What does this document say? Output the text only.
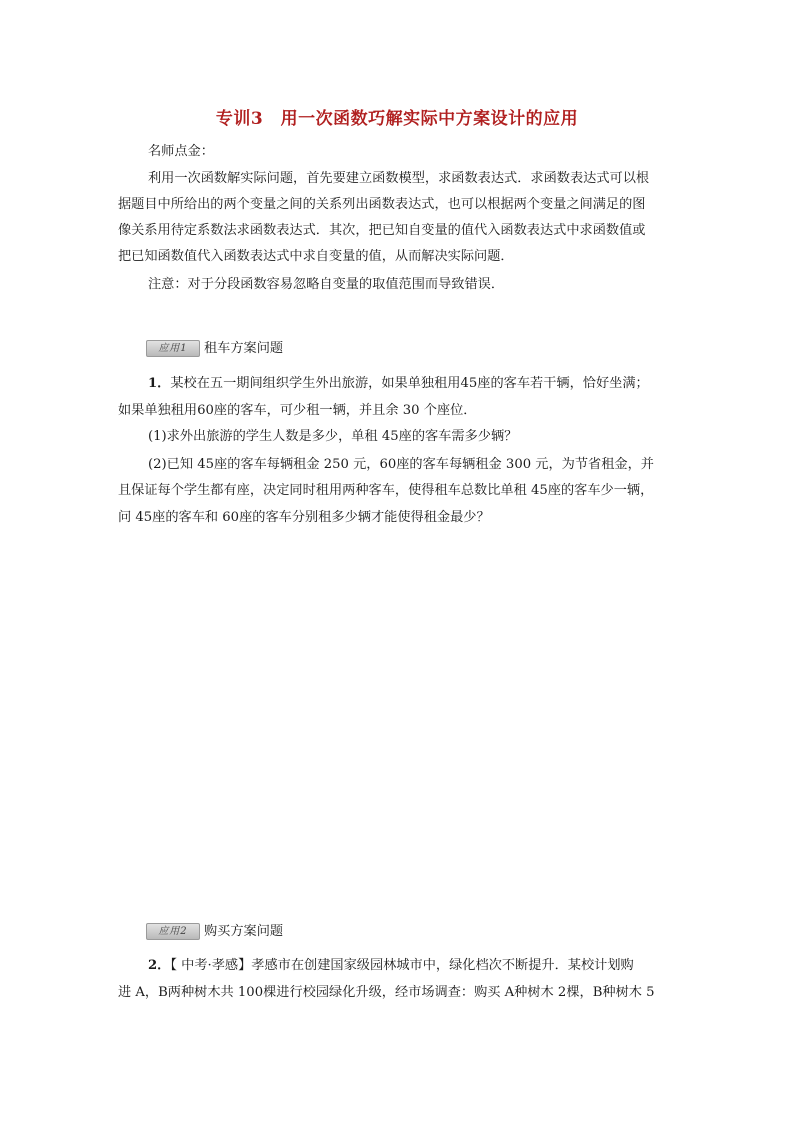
专训3　用一次函数巧解实际中方案设计的应用
名师点金：
利用一次函数解实际问题，首先要建立函数模型，求函数表达式．求函数表达式可以根
据题目中所给出的两个变量之间的关系列出函数表达式，也可以根据两个变量之间满足的图
像关系用待定系数法求函数表达式．其次，把已知自变量的值代入函数表达式中求函数值或
把已知函数值代入函数表达式中求自变量的值，从而解决实际问题．
注意：对于分段函数容易忽略自变量的取值范围而导致错误．
应用1	租车方案问题
1．某校在五一期间组织学生外出旅游，如果单独租用45座的客车若干辆，恰好坐满；
如果单独租用60座的客车，可少租一辆，并且余 30 个座位．
(1)求外出旅游的学生人数是多少，单租 45座的客车需多少辆？
(2)已知 45座的客车每辆租金 250 元，60座的客车每辆租金 300 元，为节省租金，并
且保证每个学生都有座，决定同时租用两种客车，使得租车总数比单租 45座的客车少一辆，
问 45座的客车和 60座的客车分别租多少辆才能使得租金最少？
应用2	购买方案问题
2．【 中考·孝感】孝感市在创建国家级园林城市中，绿化档次不断提升．某校计划购
进 A，B两种树木共 100棵进行校园绿化升级，经市场调查：购买 A种树木 2棵，B种树木 5
